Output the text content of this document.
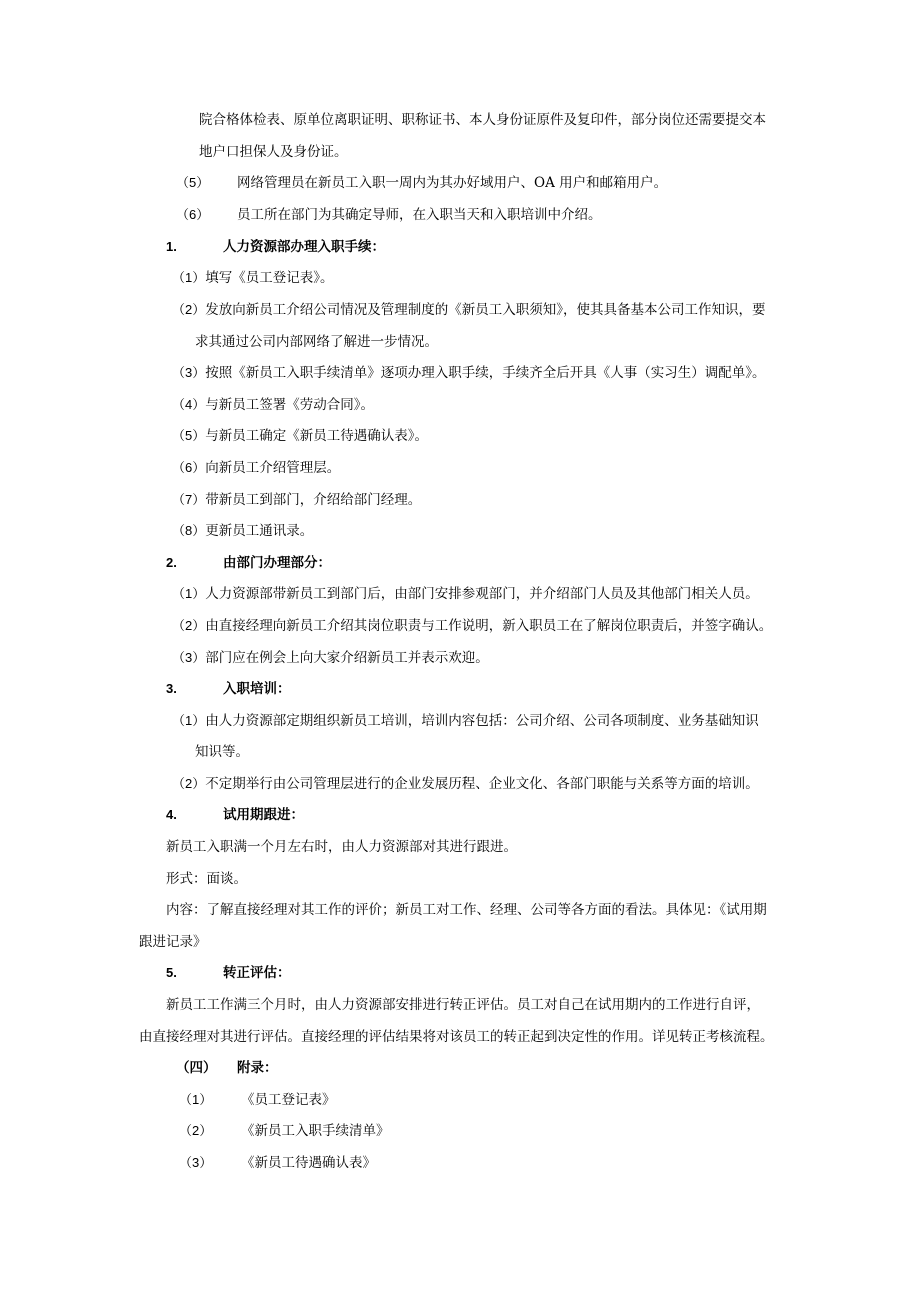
院合格体检表、原单位离职证明、职称证书、本人身份证原件及复印件，部分岗位还需要提交本
地户口担保人及身份证。
（5） 网络管理员在新员工入职一周内为其办好域用户、OA 用户和邮箱用户。
（6） 员工所在部门为其确定导师，在入职当天和入职培训中介绍。
1.	人力资源部办理入职手续：
（1）填写《员工登记表》。
（2）发放向新员工介绍公司情况及管理制度的《新员工入职须知》，使其具备基本公司工作知识，要
求其通过公司内部网络了解进一步情况。
（3）按照《新员工入职手续清单》逐项办理入职手续，手续齐全后开具《人事（实习生）调配单》。
（4）与新员工签署《劳动合同》。
（5）与新员工确定《新员工待遇确认表》。
（6）向新员工介绍管理层。
（7）带新员工到部门，介绍给部门经理。
（8）更新员工通讯录。
2.	由部门办理部分：
（1）人力资源部带新员工到部门后，由部门安排参观部门，并介绍部门人员及其他部门相关人员。
（2）由直接经理向新员工介绍其岗位职责与工作说明，新入职员工在了解岗位职责后，并签字确认。
（3）部门应在例会上向大家介绍新员工并表示欢迎。
3.	入职培训：
（1）由人力资源部定期组织新员工培训，培训内容包括：公司介绍、公司各项制度、业务基础知识
知识等。
（2）不定期举行由公司管理层进行的企业发展历程、企业文化、各部门职能与关系等方面的培训。
4.	试用期跟进：
新员工入职满一个月左右时，由人力资源部对其进行跟进。
形式：面谈。
内容：了解直接经理对其工作的评价；新员工对工作、经理、公司等各方面的看法。具体见：《试用期
跟进记录》
5.	转正评估：
新员工工作满三个月时，由人力资源部安排进行转正评估。员工对自己在试用期内的工作进行自评，
由直接经理对其进行评估。直接经理的评估结果将对该员工的转正起到决定性的作用。详见转正考核流程。
（四） 附录：
（1） 《员工登记表》
（2） 《新员工入职手续清单》
（3） 《新员工待遇确认表》
